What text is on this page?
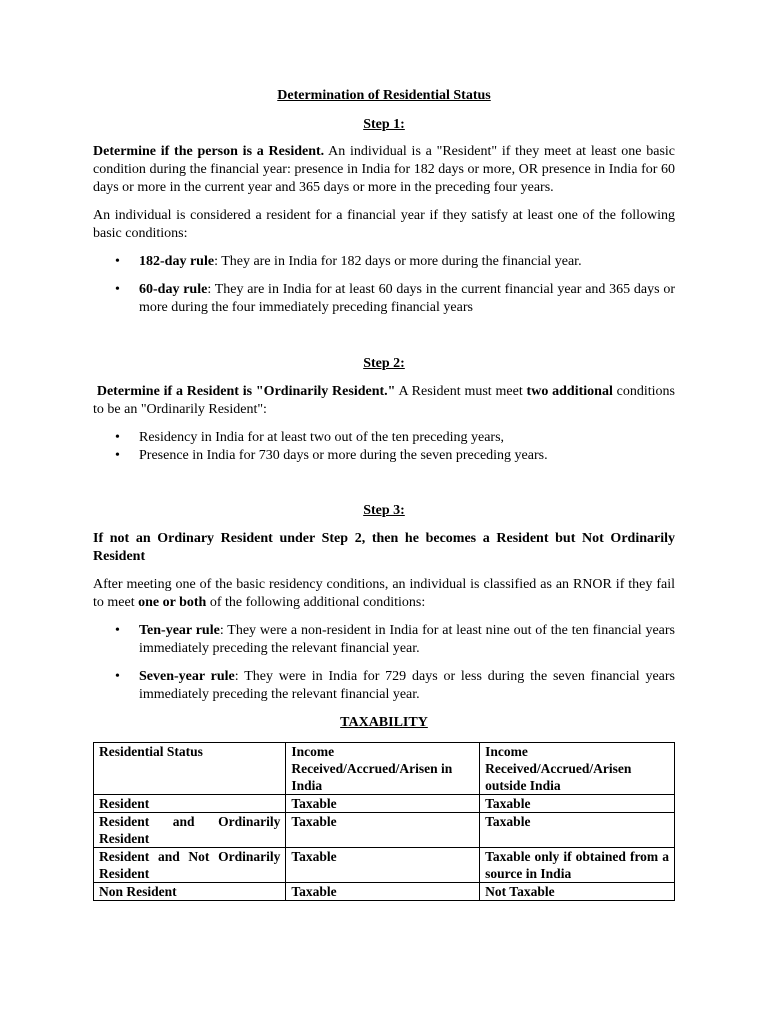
Determination of Residential Status

Step 1:

Determine if the person is a Resident. An individual is a "Resident" if they meet at least one basic condition during the financial year: presence in India for 182 days or more, OR presence in India for 60 days or more in the current year and 365 days or more in the preceding four years.

An individual is considered a resident for a financial year if they satisfy at least one of the following basic conditions:

• 182-day rule: They are in India for 182 days or more during the financial year.
• 60-day rule: They are in India for at least 60 days in the current financial year and 365 days or more during the four immediately preceding financial years

Step 2:

Determine if a Resident is "Ordinarily Resident." A Resident must meet two additional conditions to be an "Ordinarily Resident":

• Residency in India for at least two out of the ten preceding years,
• Presence in India for 730 days or more during the seven preceding years.

Step 3:

If not an Ordinary Resident under Step 2, then he becomes a Resident but Not Ordinarily Resident

After meeting one of the basic residency conditions, an individual is classified as an RNOR if they fail to meet one or both of the following additional conditions:

• Ten-year rule: They were a non-resident in India for at least nine out of the ten financial years immediately preceding the relevant financial year.
• Seven-year rule: They were in India for 729 days or less during the seven financial years immediately preceding the relevant financial year.

TAXABILITY

Residential Status	Income Received/Accrued/Arisen in India	Income Received/Accrued/Arisen outside India
Resident	Taxable	Taxable

Resident and Ordinarily Resident	Taxable	Taxable

Resident and Not Ordinarily Resident	Taxable	Taxable only if obtained from a source in India

Non Resident	Taxable	Not Taxable
